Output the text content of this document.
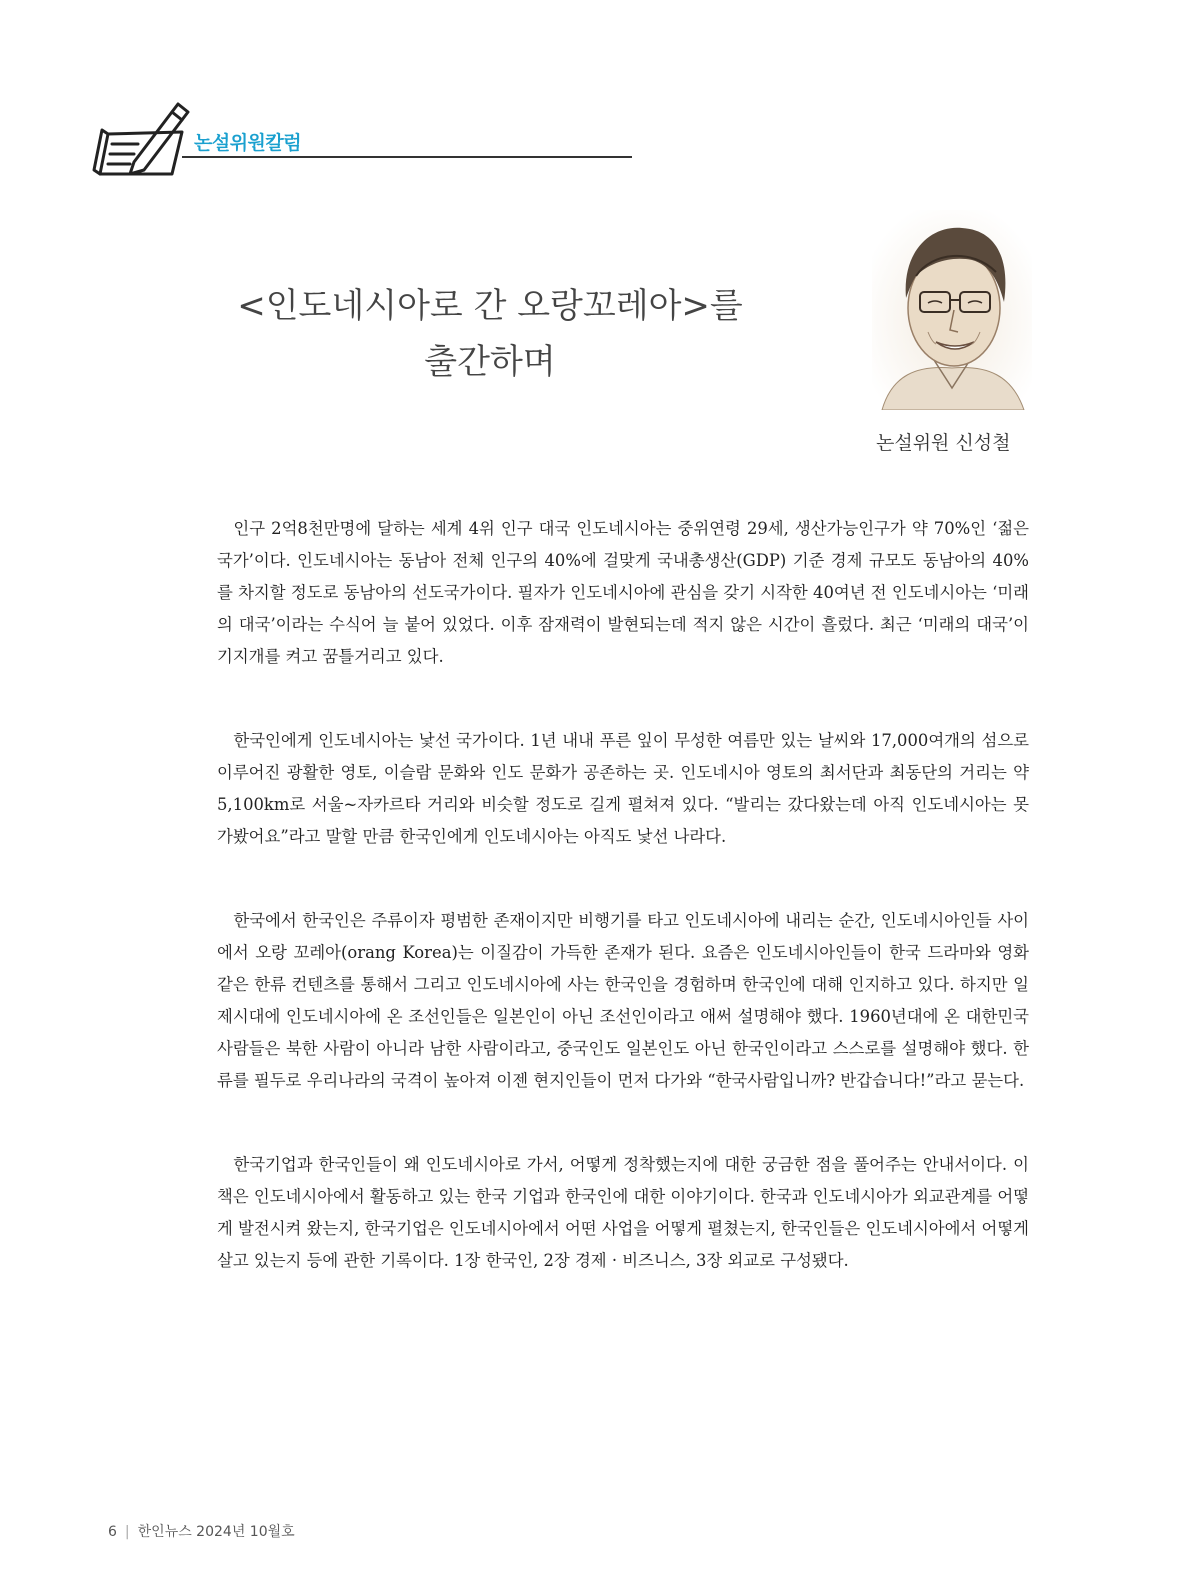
논설위원칼럼
<인도네시아로 간 오랑꼬레아>를
출간하며
논설위원 신성철

인구 2억8천만명에 달하는 세계 4위 인구 대국 인도네시아는 중위연령 29세, 생산가능인구가 약 70%인 ‘젊은 국가’이다. 인도네시아는 동남아 전체 인구의 40%에 걸맞게 국내총생산(GDP) 기준 경제 규모도 동남아의 40%를 차지할 정도로 동남아의 선도국가이다. 필자가 인도네시아에 관심을 갖기 시작한 40여년 전 인도네시아는 ‘미래의 대국’이라는 수식어 늘 붙어 있었다. 이후 잠재력이 발현되는데 적지 않은 시간이 흘렀다. 최근 ‘미래의 대국’이 기지개를 켜고 꿈틀거리고 있다.

한국인에게 인도네시아는 낯선 국가이다. 1년 내내 푸른 잎이 무성한 여름만 있는 날씨와 17,000여개의 섬으로 이루어진 광활한 영토, 이슬람 문화와 인도 문화가 공존하는 곳. 인도네시아 영토의 최서단과 최동단의 거리는 약 5,100km로 서울~자카르타 거리와 비슷할 정도로 길게 펼쳐져 있다. “발리는 갔다왔는데 아직 인도네시아는 못 가봤어요”라고 말할 만큼 한국인에게 인도네시아는 아직도 낯선 나라다.

한국에서 한국인은 주류이자 평범한 존재이지만 비행기를 타고 인도네시아에 내리는 순간, 인도네시아인들 사이에서 오랑 꼬레아(orang Korea)는 이질감이 가득한 존재가 된다. 요즘은 인도네시아인들이 한국 드라마와 영화 같은 한류 컨텐츠를 통해서 그리고 인도네시아에 사는 한국인을 경험하며 한국인에 대해 인지하고 있다. 하지만 일제시대에 인도네시아에 온 조선인들은 일본인이 아닌 조선인이라고 애써 설명해야 했다. 1960년대에 온 대한민국 사람들은 북한 사람이 아니라 남한 사람이라고, 중국인도 일본인도 아닌 한국인이라고 스스로를 설명해야 했다. 한류를 필두로 우리나라의 국격이 높아져 이젠 현지인들이 먼저 다가와 “한국사람입니까? 반갑습니다!”라고 묻는다.

한국기업과 한국인들이 왜 인도네시아로 가서, 어떻게 정착했는지에 대한 궁금한 점을 풀어주는 안내서이다. 이 책은 인도네시아에서 활동하고 있는 한국 기업과 한국인에 대한 이야기이다. 한국과 인도네시아가 외교관계를 어떻게 발전시켜 왔는지, 한국기업은 인도네시아에서 어떤 사업을 어떻게 펼쳤는지, 한국인들은 인도네시아에서 어떻게 살고 있는지 등에 관한 기록이다. 1장 한국인, 2장 경제 · 비즈니스, 3장 외교로 구성됐다.

6 | 한인뉴스 2024년 10월호
